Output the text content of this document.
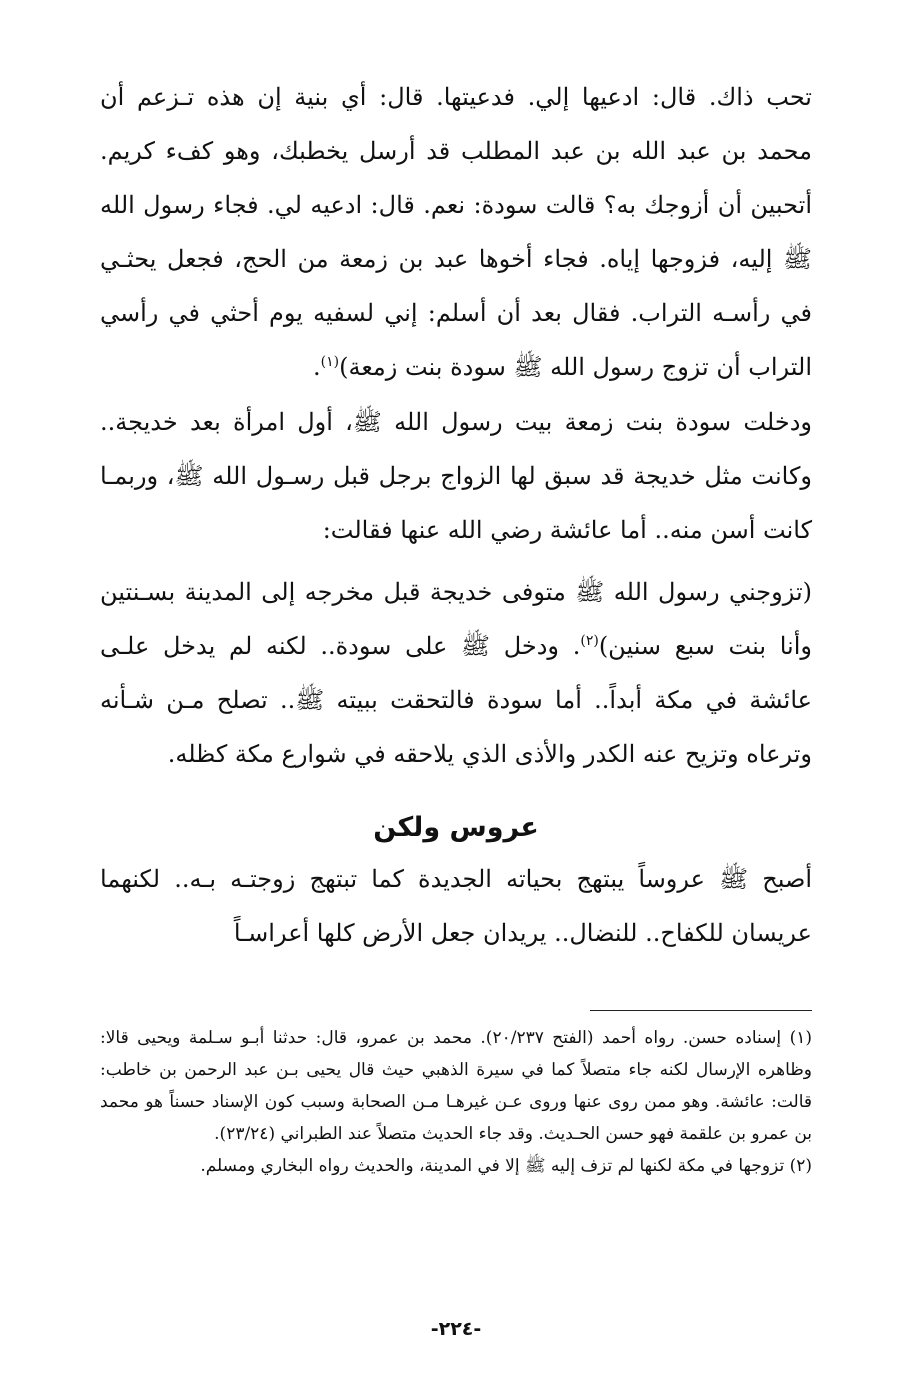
تحب ذاك. قال: ادعيها إلي. فدعيتها. قال: أي بنية إن هذه تـزعم أن محمد بن عبد الله بن عبد المطلب قد أرسل يخطبك، وهو كفء كريم. أتحبين أن أزوجك به؟ قالت سودة: نعم. قال: ادعيه لي. فجاء رسول الله ﷺ إليه، فزوجها إياه. فجاء أخوها عبد بن زمعة من الحج، فجعل يحثـي في رأسـه التراب. فقال بعد أن أسلم: إني لسفيه يوم أحثي في رأسي التراب أن تزوج رسول الله ﷺ سودة بنت زمعة)$^{(١)}$.

ودخلت سودة بنت زمعة بيت رسول الله ﷺ، أول امرأة بعد خديجة.. وكانت مثل خديجة قد سبق لها الزواج برجل قبل رسـول الله ﷺ، وربمـا كانت أسن منه.. أما عائشة رضي الله عنها فقالت:

(تزوجني رسول الله ﷺ متوفى خديجة قبل مخرجه إلى المدينة بسـنتين وأنا بنت سبع سنين)$^{(٢)}$. ودخل ﷺ على سودة.. لكنه لم يدخل علـى عائشة في مكة أبداً.. أما سودة فالتحقت ببيته ﷺ.. تصلح مـن شـأنه وترعاه وتزيح عنه الكدر والأذى الذي يلاحقه في شوارع مكة كظله.

عروس ولكن

أصبح ﷺ عروساً يبتهج بحياته الجديدة كما تبتهج زوجتـه بـه.. لكنهما عريسان للكفاح.. للنضال.. يريدان جعل الأرض كلها أعراسـاً

(١) إسناده حسن. رواه أحمد (الفتح ٢٠/٢٣٧). محمد بن عمرو، قال: حدثنا أبـو سـلمة ويحيى قالا: وظاهره الإرسال لكنه جاء متصلاً كما في سيرة الذهبي حيث قال يحيى بـن عبد الرحمن بن خاطب: قالت: عائشة. وهو ممن روى عنها وروى عـن غيرهـا مـن الصحابة وسبب كون الإسناد حسناً هو محمد بن عمرو بن علقمة فهو حسن الحـديث. وقد جاء الحديث متصلاً عند الطبراني (٢٣/٢٤).

(٢) تزوجها في مكة لكنها لم تزف إليه ﷺ إلا في المدينة، والحديث رواه البخاري ومسلم.

-٢٢٤-
